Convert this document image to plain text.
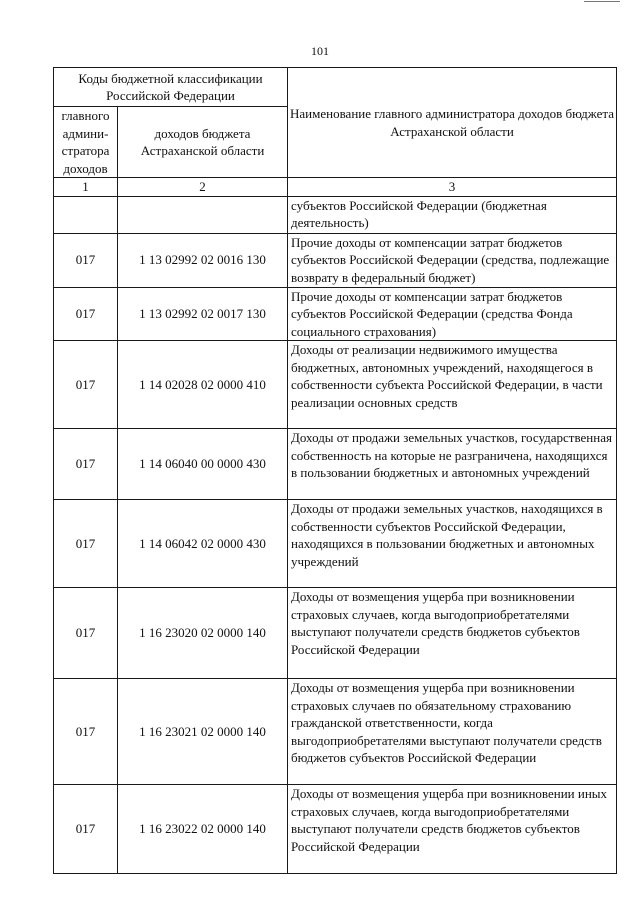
101
Коды бюджетной классификации Российской Федерации		Наименование главного администратора доходов бюджета Астраханской области
главного админи-стратора доходов	доходов бюджета Астраханской области	
1	2	3
		субъектов Российской Федерации (бюджетная деятельность)
017	1 13 02992 02 0016 130	Прочие доходы от компенсации затрат бюджетов субъектов Российской Федерации (средства, подлежащие возврату в федеральный бюджет)
017	1 13 02992 02 0017 130	Прочие доходы от компенсации затрат бюджетов субъектов Российской Федерации (средства Фонда социального страхования)
017	1 14 02028 02 0000 410	Доходы от реализации недвижимого имущества бюджетных, автономных учреждений, находящегося в собственности субъекта Российской Федерации, в части реализации основных средств
017	1 14 06040 00 0000 430	Доходы от продажи земельных участков, государственная собственность на которые не разграничена, находящихся в пользовании бюджетных и автономных учреждений
017	1 14 06042 02 0000 430	Доходы от продажи земельных участков, находящихся в собственности субъектов Российской Федерации, находящихся в пользовании бюджетных и автономных учреждений
017	1 16 23020 02 0000 140	Доходы от возмещения ущерба при возникновении страховых случаев, когда выгодоприобретателями выступают получатели средств бюджетов субъектов Российской Федерации
017	1 16 23021 02 0000 140	Доходы от возмещения ущерба при возникновении страховых случаев по обязательному страхованию гражданской ответственности, когда выгодоприобретателями выступают получатели средств бюджетов субъектов Российской Федерации
017	1 16 23022 02 0000 140	Доходы от возмещения ущерба при возникновении иных страховых случаев, когда выгодоприобретателями выступают получатели средств бюджетов субъектов Российской Федерации
